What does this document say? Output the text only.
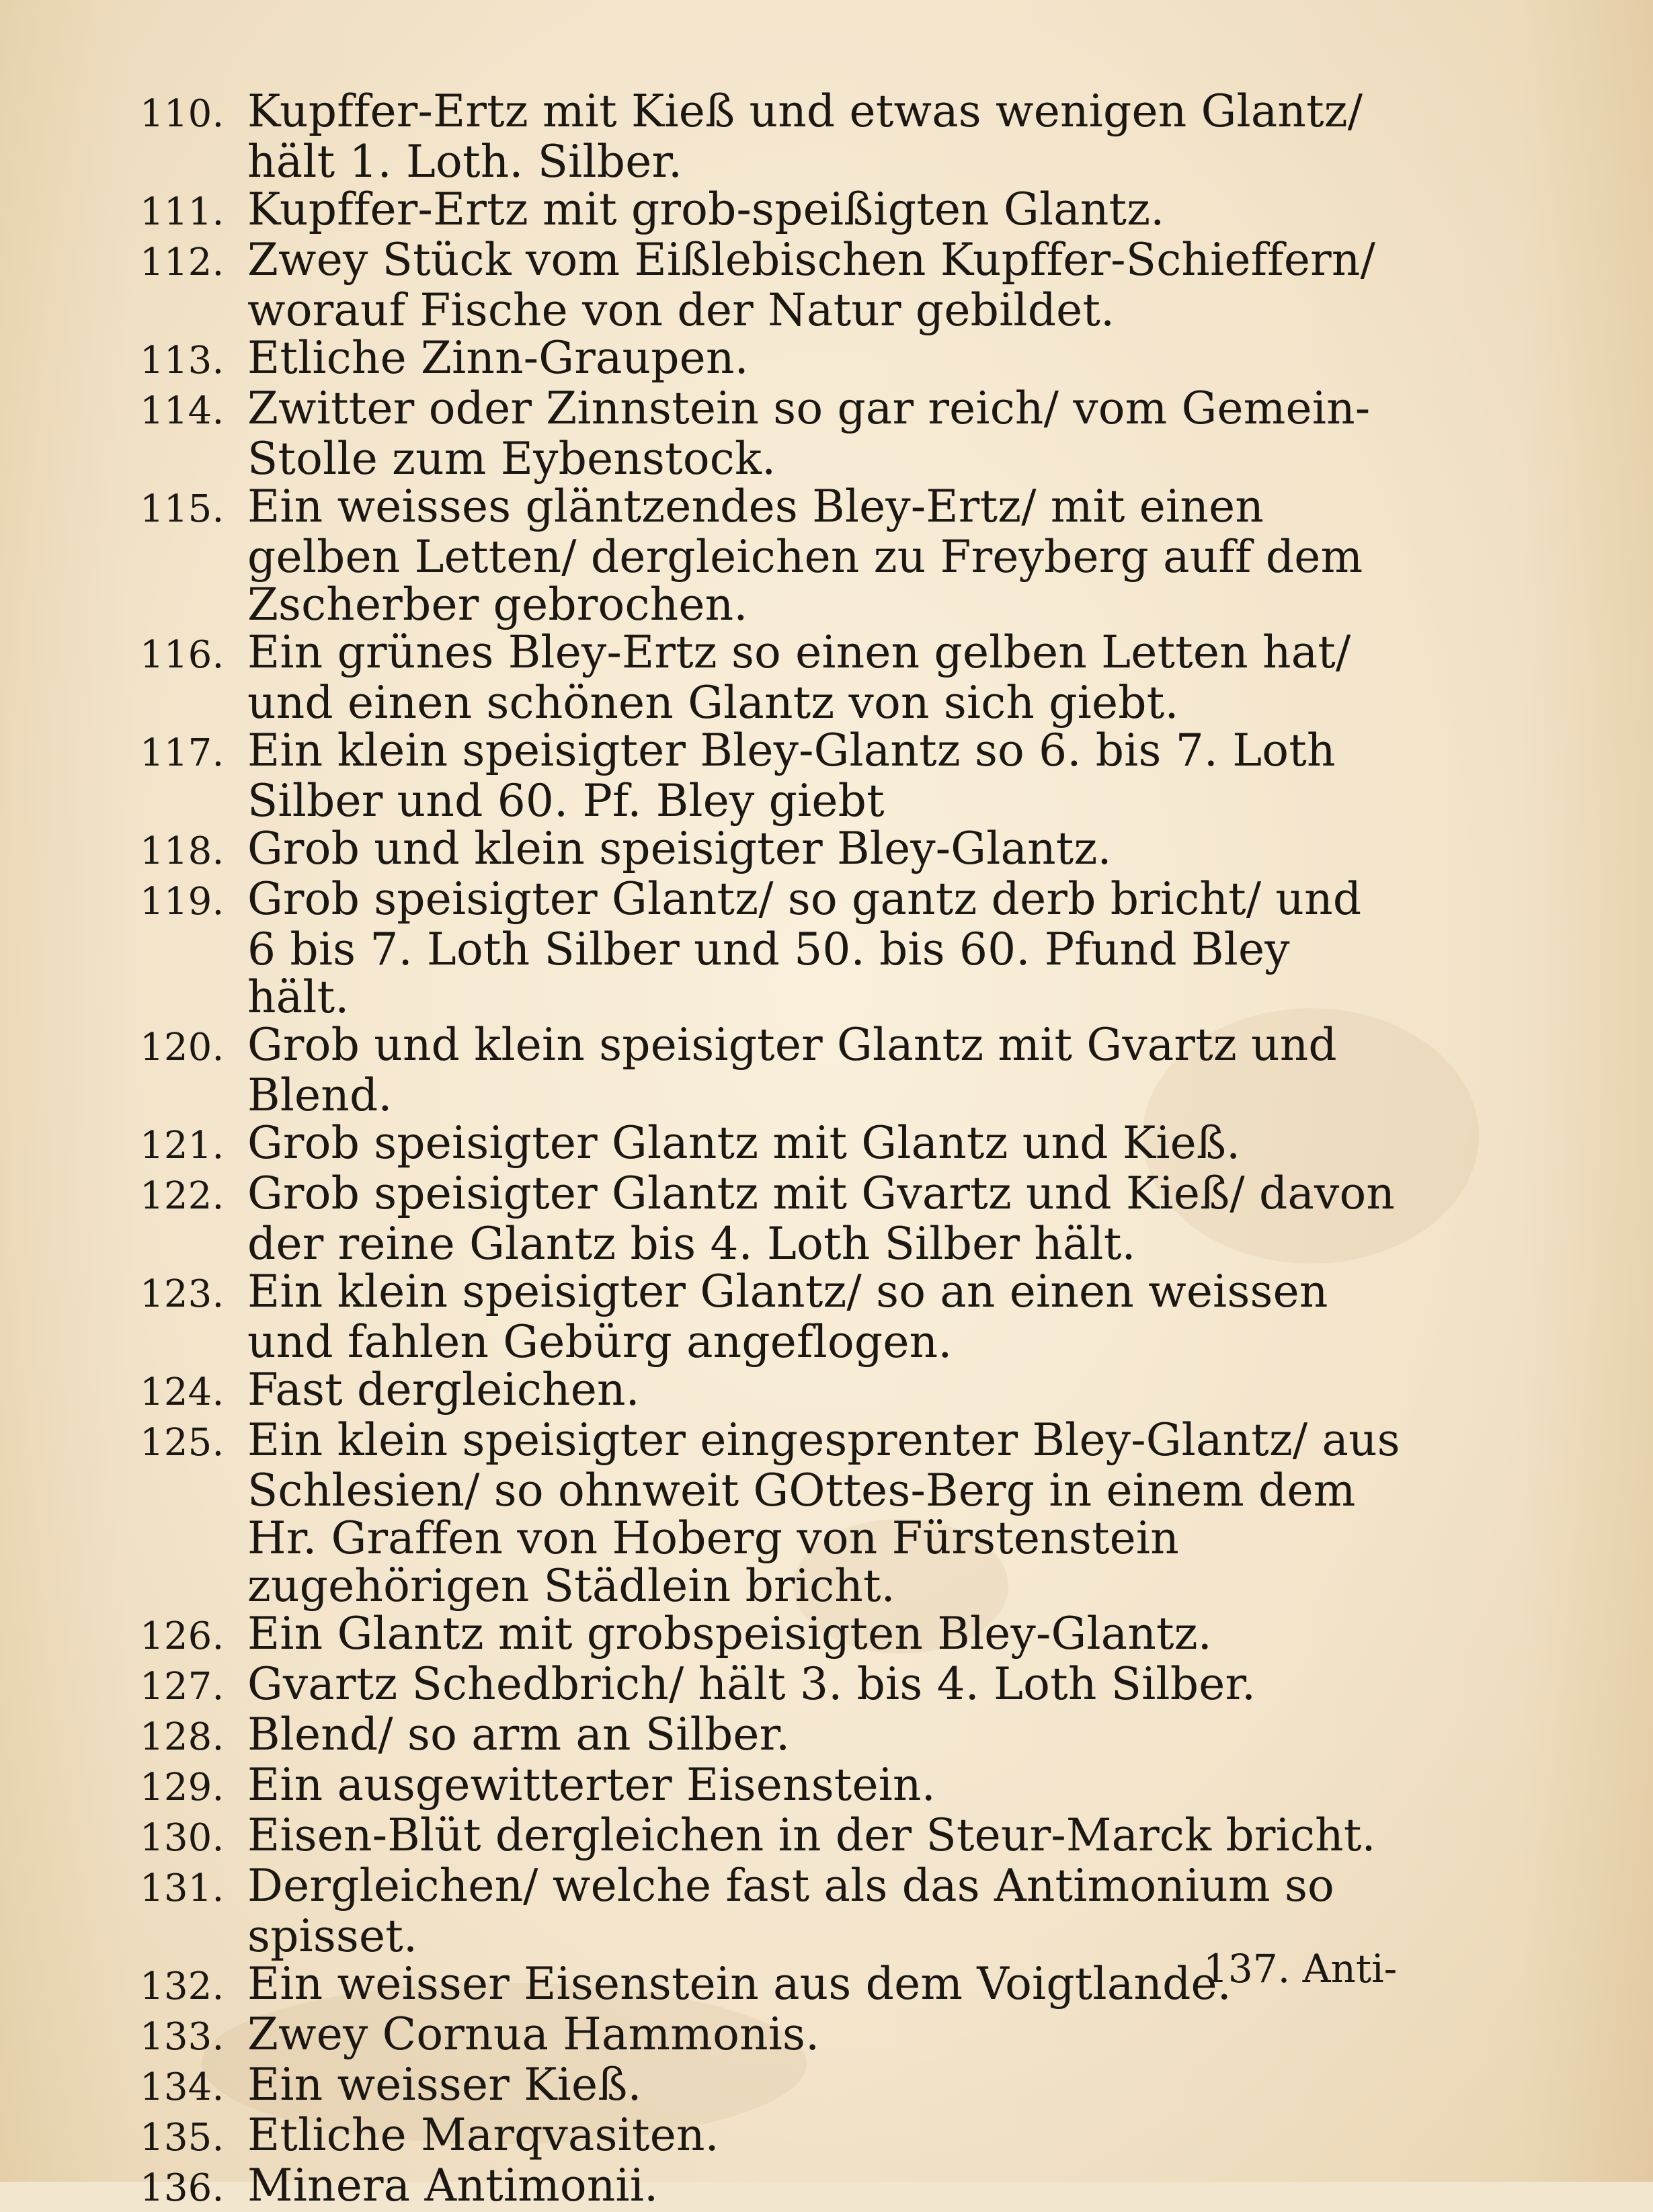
110. Kupffer-Ertz mit Kieß und etwas wenigen Glantz/ hält 1. Loth. Silber.
111. Kupffer-Ertz mit grob-speißigten Glantz.
112. Zwey Stück vom Eißlebischen Kupffer-Schieffern/ worauf Fische von der Natur gebildet.
113. Etliche Zinn-Graupen.
114. Zwitter oder Zinnstein so gar reich/ vom Gemein-Stolle zum Eybenstock.
115. Ein weisses gläntzendes Bley-Ertz/ mit einen gelben Letten/ dergleichen zu Freyberg auff dem Zscherber gebrochen.
116. Ein grünes Bley-Ertz so einen gelben Letten hat/ und einen schönen Glantz von sich giebt.
117. Ein klein speisigter Bley-Glantz so 6. bis 7. Loth Silber und 60. Pf. Bley giebt
118. Grob und klein speisigter Bley-Glantz.
119. Grob speisigter Glantz/ so gantz derb bricht/ und 6 bis 7. Loth Silber und 50. bis 60. Pfund Bley hält.
120. Grob und klein speisigter Glantz mit Gvartz und Blend.
121. Grob speisigter Glantz mit Glantz und Kieß.
122. Grob speisigter Glantz mit Gvartz und Kieß/ davon der reine Glantz bis 4. Loth Silber hält.
123. Ein klein speisigter Glantz/ so an einen weissen und fahlen Gebürg angeflogen.
124. Fast dergleichen.
125. Ein klein speisigter eingesprenter Bley-Glantz/ aus Schlesien/ so ohnweit GOttes-Berg in einem dem Hr. Graffen von Hoberg von Fürstenstein zugehörigen Städlein bricht.
126. Ein Glantz mit grobspeisigten Bley-Glantz.
127. Gvartz Schedbrich/ hält 3. bis 4. Loth Silber.
128. Blend/ so arm an Silber.
129. Ein ausgewitterter Eisenstein.
130. Eisen-Blüt dergleichen in der Steur-Marck bricht.
131. Dergleichen/ welche fast als das Antimonium so spisset.
132. Ein weisser Eisenstein aus dem Voigtlande.
133. Zwey Cornua Hammonis.
134. Ein weisser Kieß.
135. Etliche Marqvasiten.
136. Minera Antimonii.
137. Anti-
